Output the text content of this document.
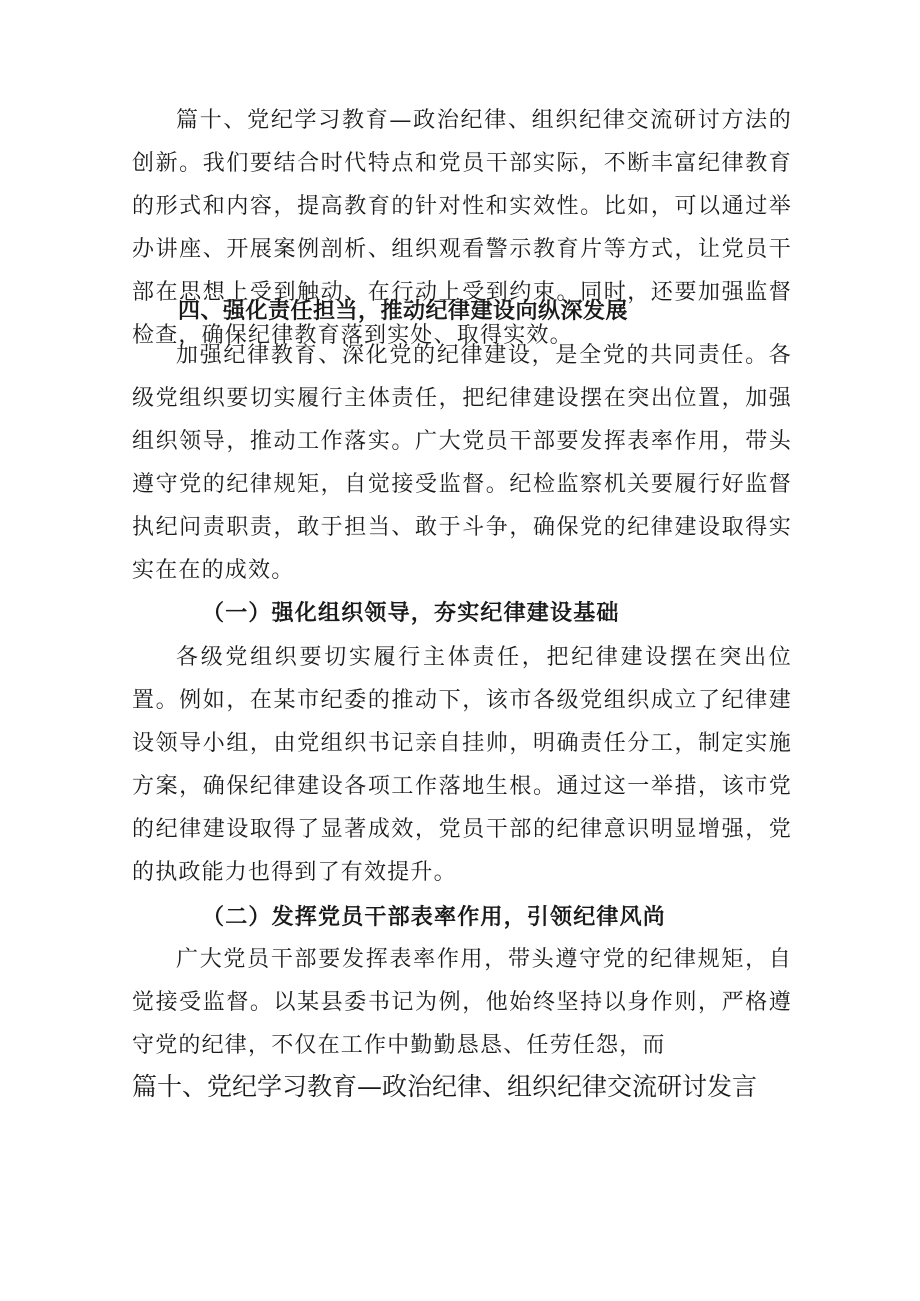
篇十、党纪学习教育—政治纪律、组织纪律交流研讨方法的创新。我们要结合时代特点和党员干部实际，不断丰富纪律教育的形式和内容，提高教育的针对性和实效性。比如，可以通过举办讲座、开展案例剖析、组织观看警示教育片等方式，让党员干部在思想上受到触动、在行动上受到约束。同时，还要加强监督检查，确保纪律教育落到实处、取得实效。

四、强化责任担当，推动纪律建设向纵深发展

加强纪律教育、深化党的纪律建设，是全党的共同责任。各级党组织要切实履行主体责任，把纪律建设摆在突出位置，加强组织领导，推动工作落实。广大党员干部要发挥表率作用，带头遵守党的纪律规矩，自觉接受监督。纪检监察机关要履行好监督执纪问责职责，敢于担当、敢于斗争，确保党的纪律建设取得实实在在的成效。

（一）强化组织领导，夯实纪律建设基础

各级党组织要切实履行主体责任，把纪律建设摆在突出位置。例如，在某市纪委的推动下，该市各级党组织成立了纪律建设领导小组，由党组织书记亲自挂帅，明确责任分工，制定实施方案，确保纪律建设各项工作落地生根。通过这一举措，该市党的纪律建设取得了显著成效，党员干部的纪律意识明显增强，党的执政能力也得到了有效提升。

（二）发挥党员干部表率作用，引领纪律风尚

广大党员干部要发挥表率作用，带头遵守党的纪律规矩，自觉接受监督。以某县委书记为例，他始终坚持以身作则，严格遵守党的纪律，不仅在工作中勤勤恳恳、任劳任怨，而

篇十、党纪学习教育—政治纪律、组织纪律交流研讨发言
